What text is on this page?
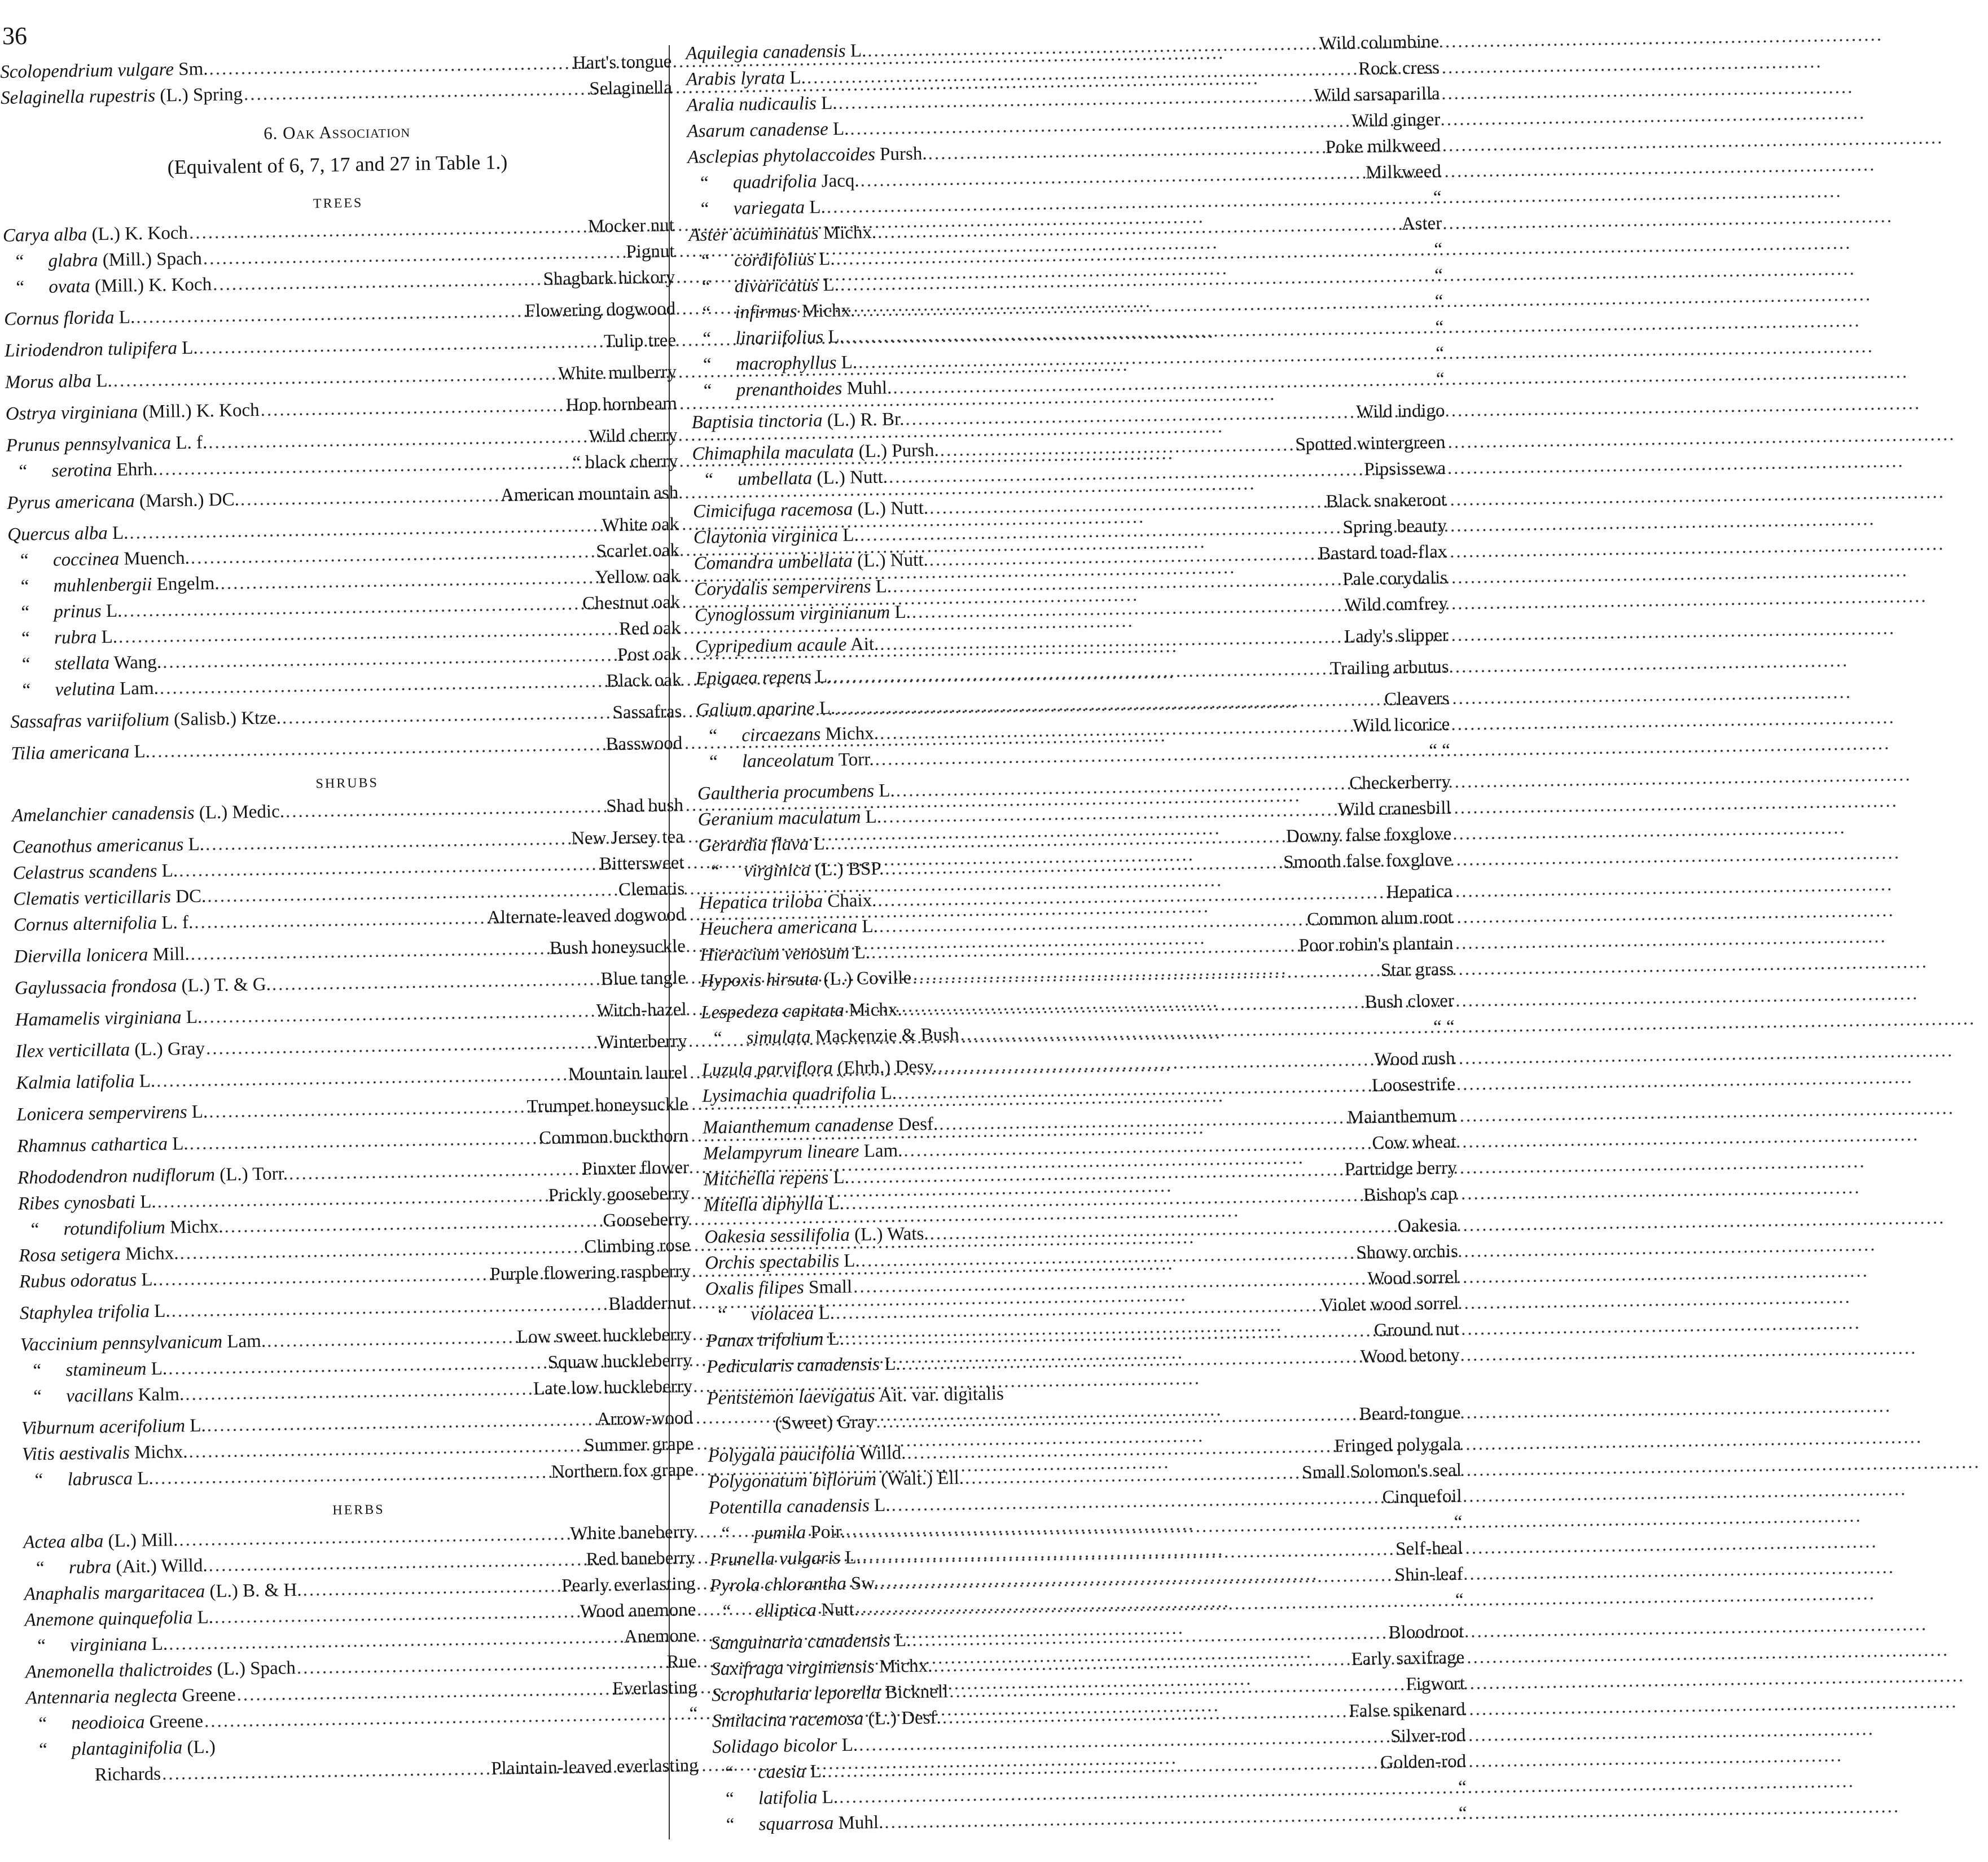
36
Scolopendrium vulgare Sm. .....	Hart's tongue
Selaginella rupestris (L.) Spring .....	Selaginella
6. Oak Association
(Equivalent of 6, 7, 17 and 27 in Table 1.)
TREES
Carya alba (L.) K. Koch .....	Mocker nut
“ glabra (Mill.) Spach .....	Pignut
“ ovata (Mill.) K. Koch .....	Shagbark hickory
Cornus florida L. .....	Flowering dogwood
Liriodendron tulipifera L. .....	Tulip tree
Morus alba L. .....	White mulberry
Ostrya virginiana (Mill.) K. Koch .....	Hop hornbeam
Prunus pennsylvanica L. f. .....	Wild cherry
“ serotina Ehrh. .....	“ black cherry
Pyrus americana (Marsh.) DC. .....	American mountain ash
Quercus alba L. .....	White oak
“ coccinea Muench. .....	Scarlet oak
“ muhlenbergii Engelm. .....	Yellow oak
“ prinus L. .....	Chestnut oak
“ rubra L. .....	Red oak
“ stellata Wang. .....	Post oak
“ velutina Lam. .....	Black oak
Sassafras variifolium (Salisb.) Ktze. .....	Sassafras
Tilia americana L. .....	Basswood
SHRUBS
Amelanchier canadensis (L.) Medic. .....	Shad bush
Ceanothus americanus L. .....	New Jersey tea
Celastrus scandens L. .....	Bittersweet
Clematis verticillaris DC. .....	Clematis
Cornus alternifolia L. f. .....	Alternate-leaved dogwood
Diervilla lonicera Mill. .....	Bush honeysuckle
Gaylussacia frondosa (L.) T. & G. .....	Blue tangle
Hamamelis virginiana L. .....	Witch-hazel
Ilex verticillata (L.) Gray .....	Winterberry
Kalmia latifolia L. .....	Mountain laurel
Lonicera sempervirens L. .....	Trumpet honeysuckle
Rhamnus cathartica L. .....	Common buckthorn
Rhododendron nudiflorum (L.) Torr. .....	Pinxter flower
Ribes cynosbati L. .....	Prickly gooseberry
“ rotundifolium Michx. .....	Gooseberry
Rosa setigera Michx. .....	Climbing rose
Rubus odoratus L. .....	Purple flowering raspberry
Staphylea trifolia L. .....	Bladdernut
Vaccinium pennsylvanicum Lam. .....	Low sweet huckleberry
“ stamineum L. .....	Squaw huckleberry
“ vacillans Kalm. .....	Late low huckleberry
Viburnum acerifolium L. .....	Arrow-wood
Vitis aestivalis Michx. .....	Summer grape
“ labrusca L. .....	Northern fox grape
HERBS
Actea alba (L.) Mill. .....	White baneberry
“ rubra (Ait.) Willd. .....	Red baneberry
Anaphalis margaritacea (L.) B. & H. .....	Pearly everlasting
Anemone quinquefolia L. .....	Wood anemone
“ virginiana L. .....	Anemone
Anemonella thalictroides (L.) Spach .....	Rue
Antennaria neglecta Greene .....	Everlasting
“ neodioica Greene .....	“
“ plantaginifolia (L.)
Richards .....	Plaintain-leaved everlasting
Aquilegia canadensis L. .....	Wild columbine
Arabis lyrata L. .....	Rock cress
Aralia nudicaulis L. .....	Wild sarsaparilla
Asarum canadense L. .....	Wild ginger
Asclepias phytolaccoides Pursh. .....	Poke milkweed
“ quadrifolia Jacq. .....	Milkweed
“ variegata L. .....	“
Aster acuminatus Michx. .....	Aster
“ cordifolius L. .....	“
“ divaricatus L. .....	“
“ infirmus Michx. .....	“
“ linariifolius L. .....	“
“ macrophyllus L. .....	“
“ prenanthoides Muhl. .....	“
Baptisia tinctoria (L.) R. Br. .....	Wild indigo
Chimaphila maculata (L.) Pursh. .....	Spotted wintergreen
“ umbellata (L.) Nutt. .....	Pipsissewa
Cimicifuga racemosa (L.) Nutt. .....	Black snakeroot
Claytonia virginica L. .....	Spring beauty
Comandra umbellata (L.) Nutt. .....	Bastard toad-flax
Corydalis sempervirens L. .....	Pale corydalis
Cynoglossum virginianum L. .....	Wild comfrey
Cypripedium acaule Ait. .....	Lady's slipper
Epigaea repens L. .....	Trailing arbutus
Galium aparine L. .....	Cleavers
“ circaezans Michx. .....	Wild licorice
“ lanceolatum Torr. .....	“ “
Gaultheria procumbens L. .....	Checkerberry
Geranium maculatum L. .....	Wild cranesbill
Gerardia flava L. .....	Downy false foxglove
“ virginica (L.) BSP. .....	Smooth false foxglove
Hepatica triloba Chaix. .....	Hepatica
Heuchera americana L. .....	Common alum root
Hieracium venosum L. .....	Poor robin's plantain
Hypoxis hirsuta (L.) Coville .....	Star grass
Lespedeza capitata Michx. .....	Bush clover
“ simulata Mackenzie & Bush .....	“ “
Luzula parviflora (Ehrh.) Desv. .....	Wood rush
Lysimachia quadrifolia L. .....	Loosestrife
Maianthemum canadense Desf. .....	Maianthemum
Melampyrum lineare Lam. .....	Cow wheat
Mitchella repens L. .....	Partridge berry
Mitella diphylla L. .....	Bishop's cap
Oakesia sessilifolia (L.) Wats. .....	Oakesia
Orchis spectabilis L. .....	Showy orchis
Oxalis filipes Small .....	Wood sorrel
“ violacea L. .....	Violet wood sorrel
Panax trifolium L. .....	Ground nut
Pedicularis canadensis L. .....	Wood betony
Pentstemon laevigatus Ait. var. digitalis
(Sweet) Gray .....	Beard-tongue
Polygala paucifolia Willd. .....	Fringed polygala
Polygonatum biflorum (Walt.) Ell. .....	Small Solomon's seal
Potentilla canadensis L. .....	Cinquefoil
“ pumila Poir. .....	“
Prunella vulgaris L. .....	Self-heal
Pyrola chlorantha Sw. .....	Shin-leaf
“ elliptica Nutt. .....	“
Sanguinaria canadensis L. .....	Bloodroot
Saxifraga virginiensis Michx. .....	Early saxifrage
Scrophularia leporella Bicknell .....	Figwort
Smilacina racemosa (L.) Desf. .....	False spikenard
Solidago bicolor L. .....	Silver-rod
“ caesia L. .....	Golden-rod
“ latifolia L. .....	“
“ squarrosa Muhl. .....	“
